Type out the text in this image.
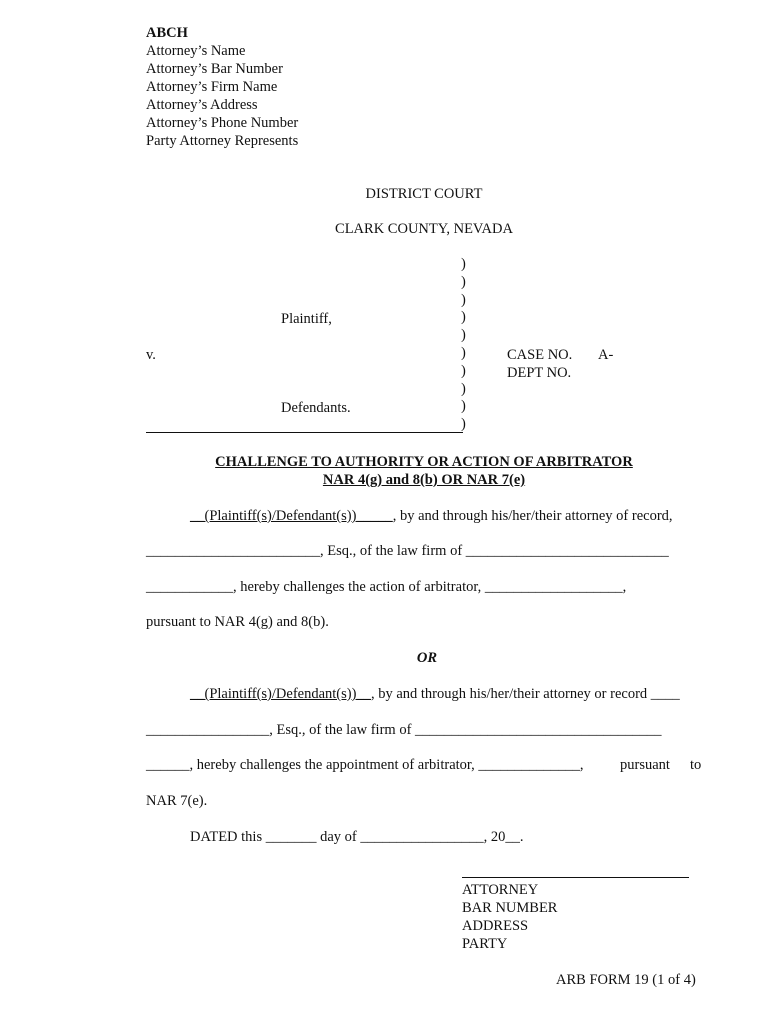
ABCH
Attorney’s Name
Attorney’s Bar Number
Attorney’s Firm Name
Attorney’s Address
Attorney’s Phone Number
Party Attorney Represents
DISTRICT COURT
CLARK COUNTY, NEVADA
)
)
)
)
)
)
)
)
)
)
Plaintiff,
v.
Defendants.
CASE NO. A-
DEPT NO.
CHALLENGE TO AUTHORITY OR ACTION OF ARBITRATOR
NAR 4(g) and 8(b) OR NAR 7(e)
__(Plaintiff(s)/Defendant(s))_____, by and through his/her/their attorney of record,
________________________, Esq., of the law firm of ____________________________
____________, hereby challenges the action of arbitrator, ___________________,
pursuant to NAR 4(g) and 8(b).
OR
__(Plaintiff(s)/Defendant(s))__, by and through his/her/their attorney or record ____
_________________, Esq., of the law firm of __________________________________
______, hereby challenges the appointment of arbitrator, ______________,	pursuant to
NAR 7(e).
DATED this _______ day of _________________, 20__.
ATTORNEY
BAR NUMBER
ADDRESS
PARTY
ARB FORM 19 (1 of 4)
